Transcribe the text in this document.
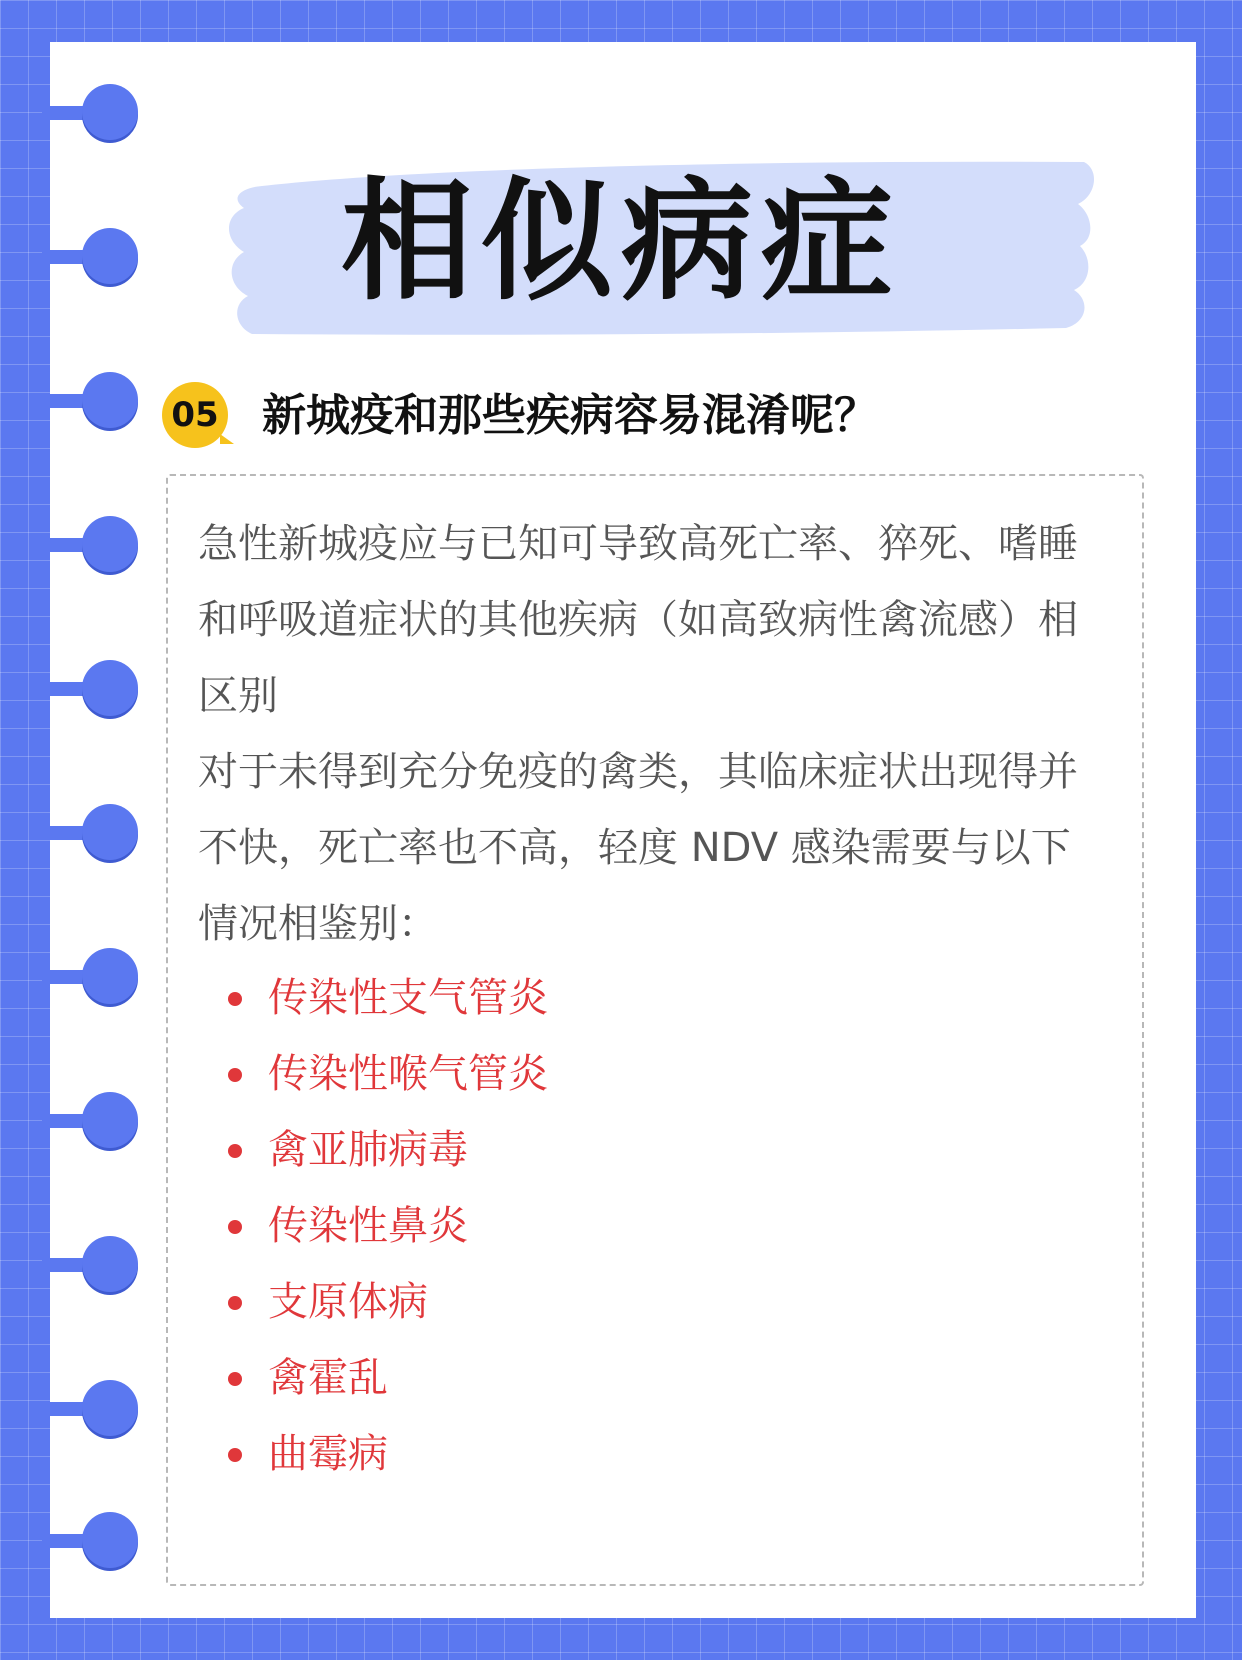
相似病症
05 新城疫和那些疾病容易混淆呢？

急性新城疫应与已知可导致高死亡率、猝死、嗜睡和呼吸道症状的其他疾病（如高致病性禽流感）相区别

对于未得到充分免疫的禽类，其临床症状出现得并不快，死亡率也不高，轻度 NDV 感染需要与以下情况相鉴别：

传染性支气管炎
传染性喉气管炎
禽亚肺病毒
传染性鼻炎
支原体病
禽霍乱
曲霉病
